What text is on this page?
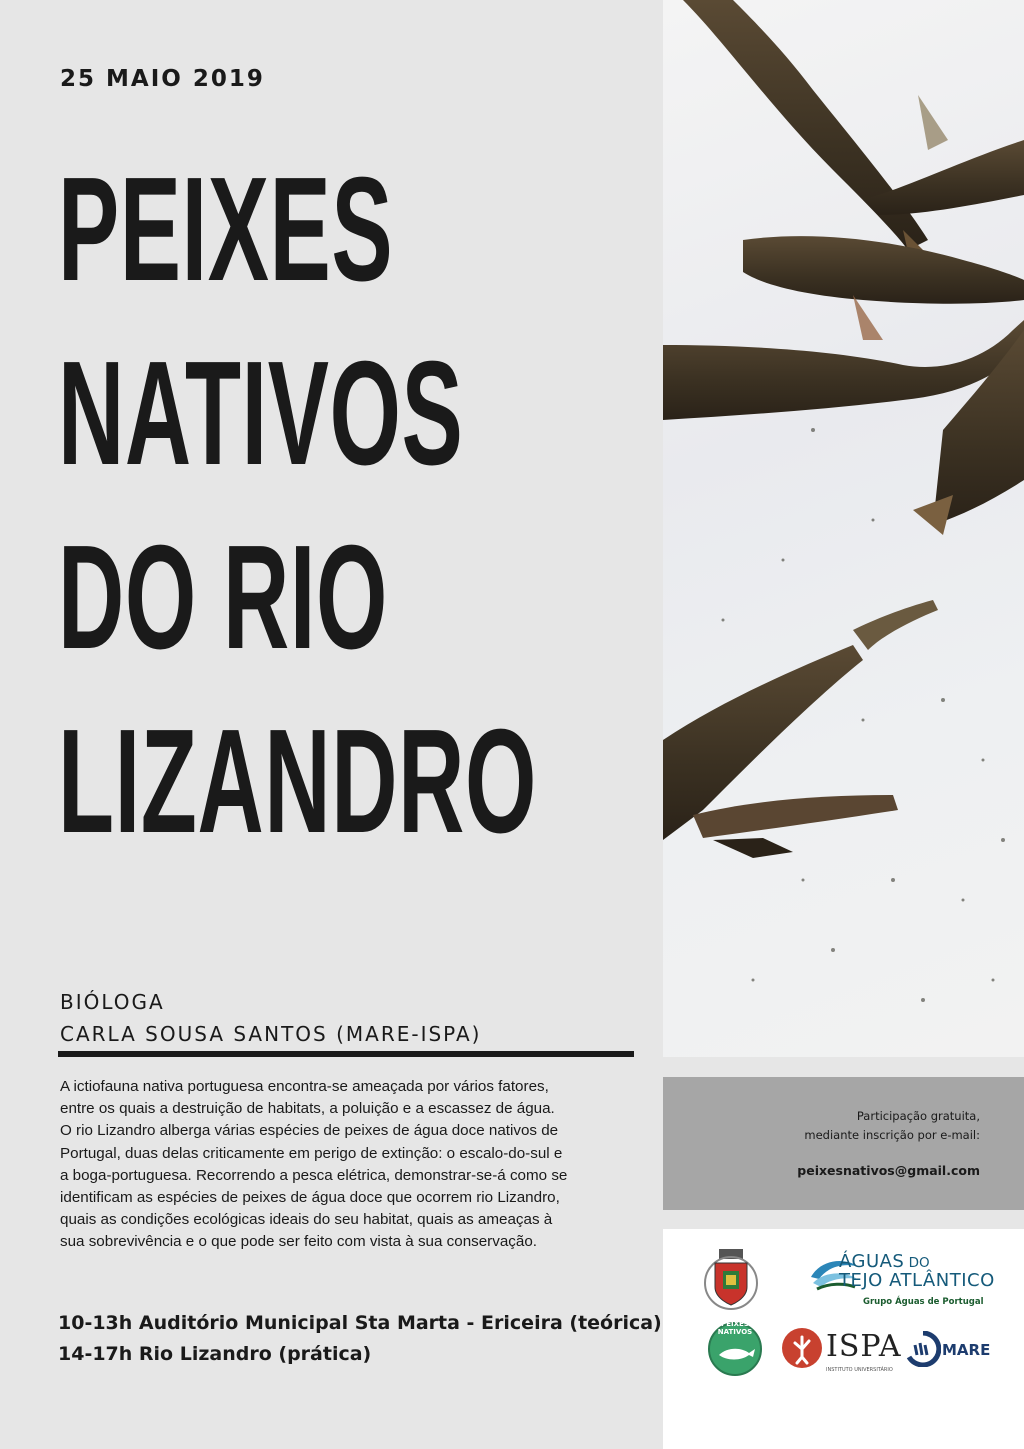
25 MAIO 2019
PEIXES
NATIVOS
DO RIO
LIZANDRO
BIÓLOGA
CARLA SOUSA SANTOS (MARE-ISPA)
A ictiofauna nativa portuguesa encontra-se ameaçada por vários fatores,
entre os quais a destruição de habitats, a poluição e a escassez de água.
O rio Lizandro alberga várias espécies de peixes de água doce nativos de
Portugal, duas delas criticamente em perigo de extinção: o escalo-do-sul e
a boga-portuguesa. Recorrendo a pesca elétrica, demonstrar-se-á como se
identificam as espécies de peixes de água doce que ocorrem rio Lizandro,
quais as condições ecológicas ideais do seu habitat, quais as ameaças à
sua sobrevivência e o que pode ser feito com vista à sua conservação.
10-13h Auditório Municipal Sta Marta - Ericeira (teórica)
14-17h Rio Lizandro (prática)
Participação gratuita,
mediante inscrição por e-mail:
peixesnativos@gmail.com
ÁGUAS DO
TEJO ATLÂNTICO
Grupo Águas de Portugal
PEIXES NATIVOS ISPA
INSTITUTO UNIVERSITÁRIO
MARE
